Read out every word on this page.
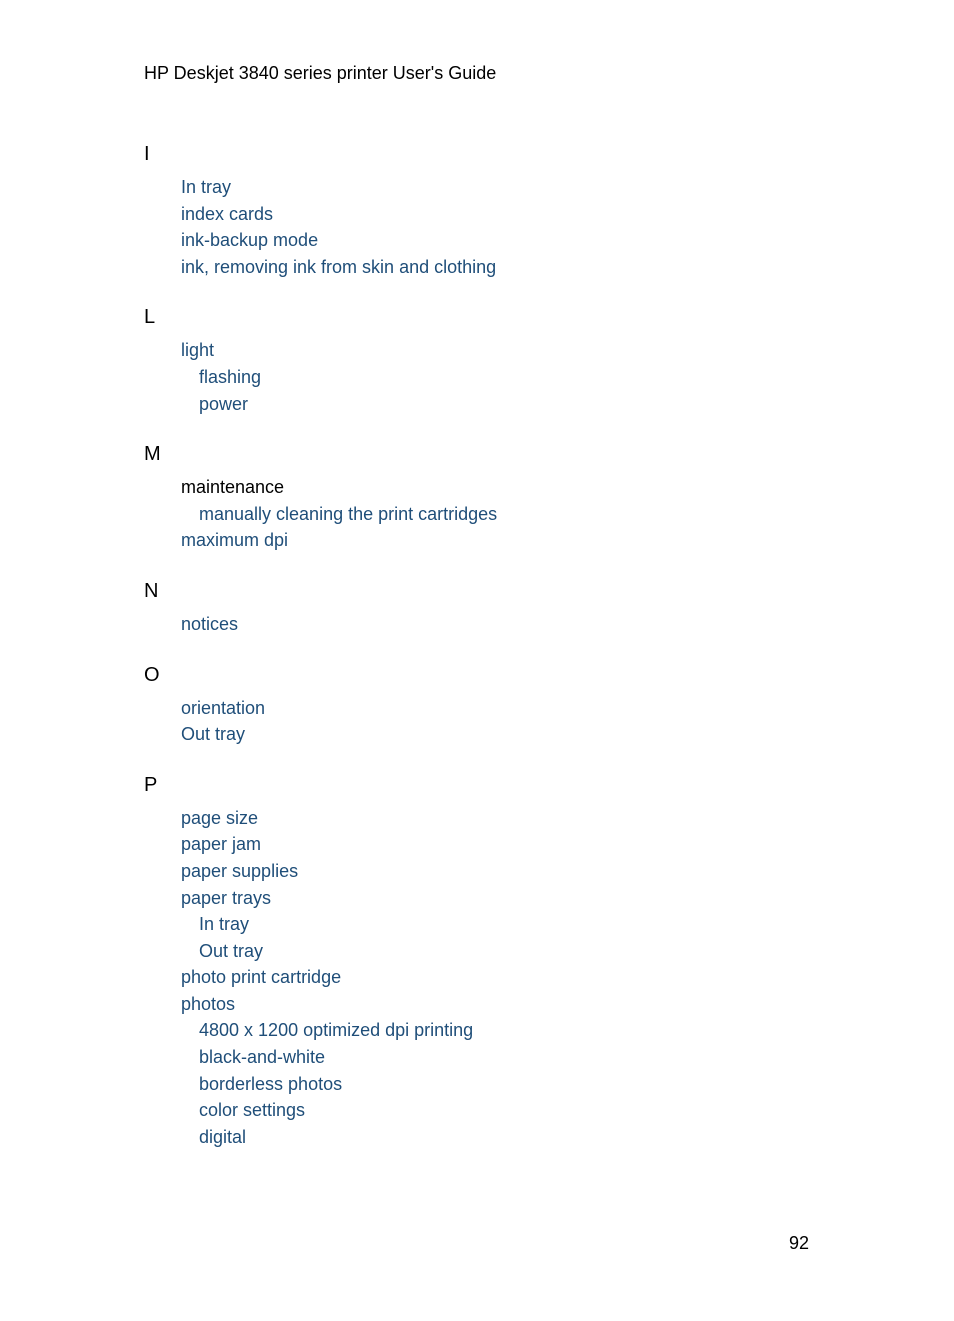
HP Deskjet 3840 series printer User's Guide
I
In tray
index cards
ink-backup mode
ink, removing ink from skin and clothing
L
light
flashing
power
M
maintenance
manually cleaning the print cartridges
maximum dpi
N
notices
O
orientation
Out tray
P
page size
paper jam
paper supplies
paper trays
In tray
Out tray
photo print cartridge
photos
4800 x 1200 optimized dpi printing
black-and-white
borderless photos
color settings
digital
92
